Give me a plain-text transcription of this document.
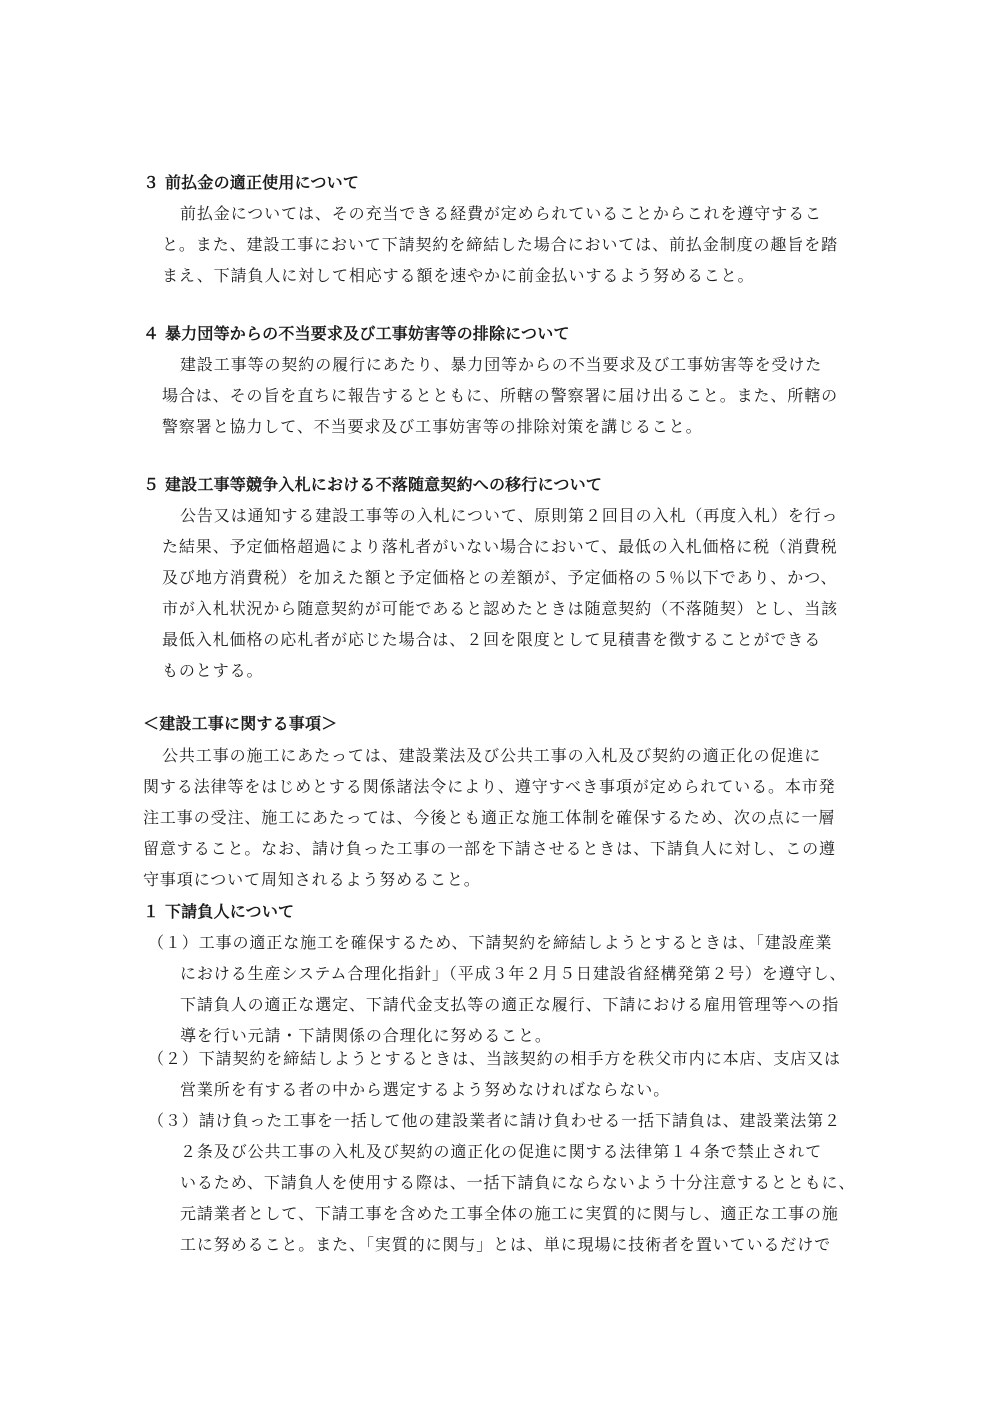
３ 前払金の適正使用について
前払金については、その充当できる経費が定められていることからこれを遵守するこ
と。また、建設工事において下請契約を締結した場合においては、前払金制度の趣旨を踏
まえ、下請負人に対して相応する額を速やかに前金払いするよう努めること。
４ 暴力団等からの不当要求及び工事妨害等の排除について
建設工事等の契約の履行にあたり、暴力団等からの不当要求及び工事妨害等を受けた
場合は、その旨を直ちに報告するとともに、所轄の警察署に届け出ること。また、所轄の
警察署と協力して、不当要求及び工事妨害等の排除対策を講じること。
５ 建設工事等競争入札における不落随意契約への移行について
公告又は通知する建設工事等の入札について、原則第２回目の入札（再度入札）を行っ
た結果、予定価格超過により落札者がいない場合において、最低の入札価格に税（消費税
及び地方消費税）を加えた額と予定価格との差額が、予定価格の５％以下であり、かつ、
市が入札状況から随意契約が可能であると認めたときは随意契約（不落随契）とし、当該
最低入札価格の応札者が応じた場合は、２回を限度として見積書を徴することができる
ものとする。
＜建設工事に関する事項＞
公共工事の施工にあたっては、建設業法及び公共工事の入札及び契約の適正化の促進に
関する法律等をはじめとする関係諸法令により、遵守すべき事項が定められている。本市発
注工事の受注、施工にあたっては、今後とも適正な施工体制を確保するため、次の点に一層
留意すること。なお、請け負った工事の一部を下請させるときは、下請負人に対し、この遵
守事項について周知されるよう努めること。
１ 下請負人について
（１）工事の適正な施工を確保するため、下請契約を締結しようとするときは、「建設産業
における生産システム合理化指針」（平成３年２月５日建設省経構発第２号）を遵守し、
下請負人の適正な選定、下請代金支払等の適正な履行、下請における雇用管理等への指
導を行い元請・下請関係の合理化に努めること。
（２）下請契約を締結しようとするときは、当該契約の相手方を秩父市内に本店、支店又は
営業所を有する者の中から選定するよう努めなければならない。
（３）請け負った工事を一括して他の建設業者に請け負わせる一括下請負は、建設業法第２
２条及び公共工事の入札及び契約の適正化の促進に関する法律第１４条で禁止されて
いるため、下請負人を使用する際は、一括下請負にならないよう十分注意するとともに、
元請業者として、下請工事を含めた工事全体の施工に実質的に関与し、適正な工事の施
工に努めること。また、「実質的に関与」とは、単に現場に技術者を置いているだけで
